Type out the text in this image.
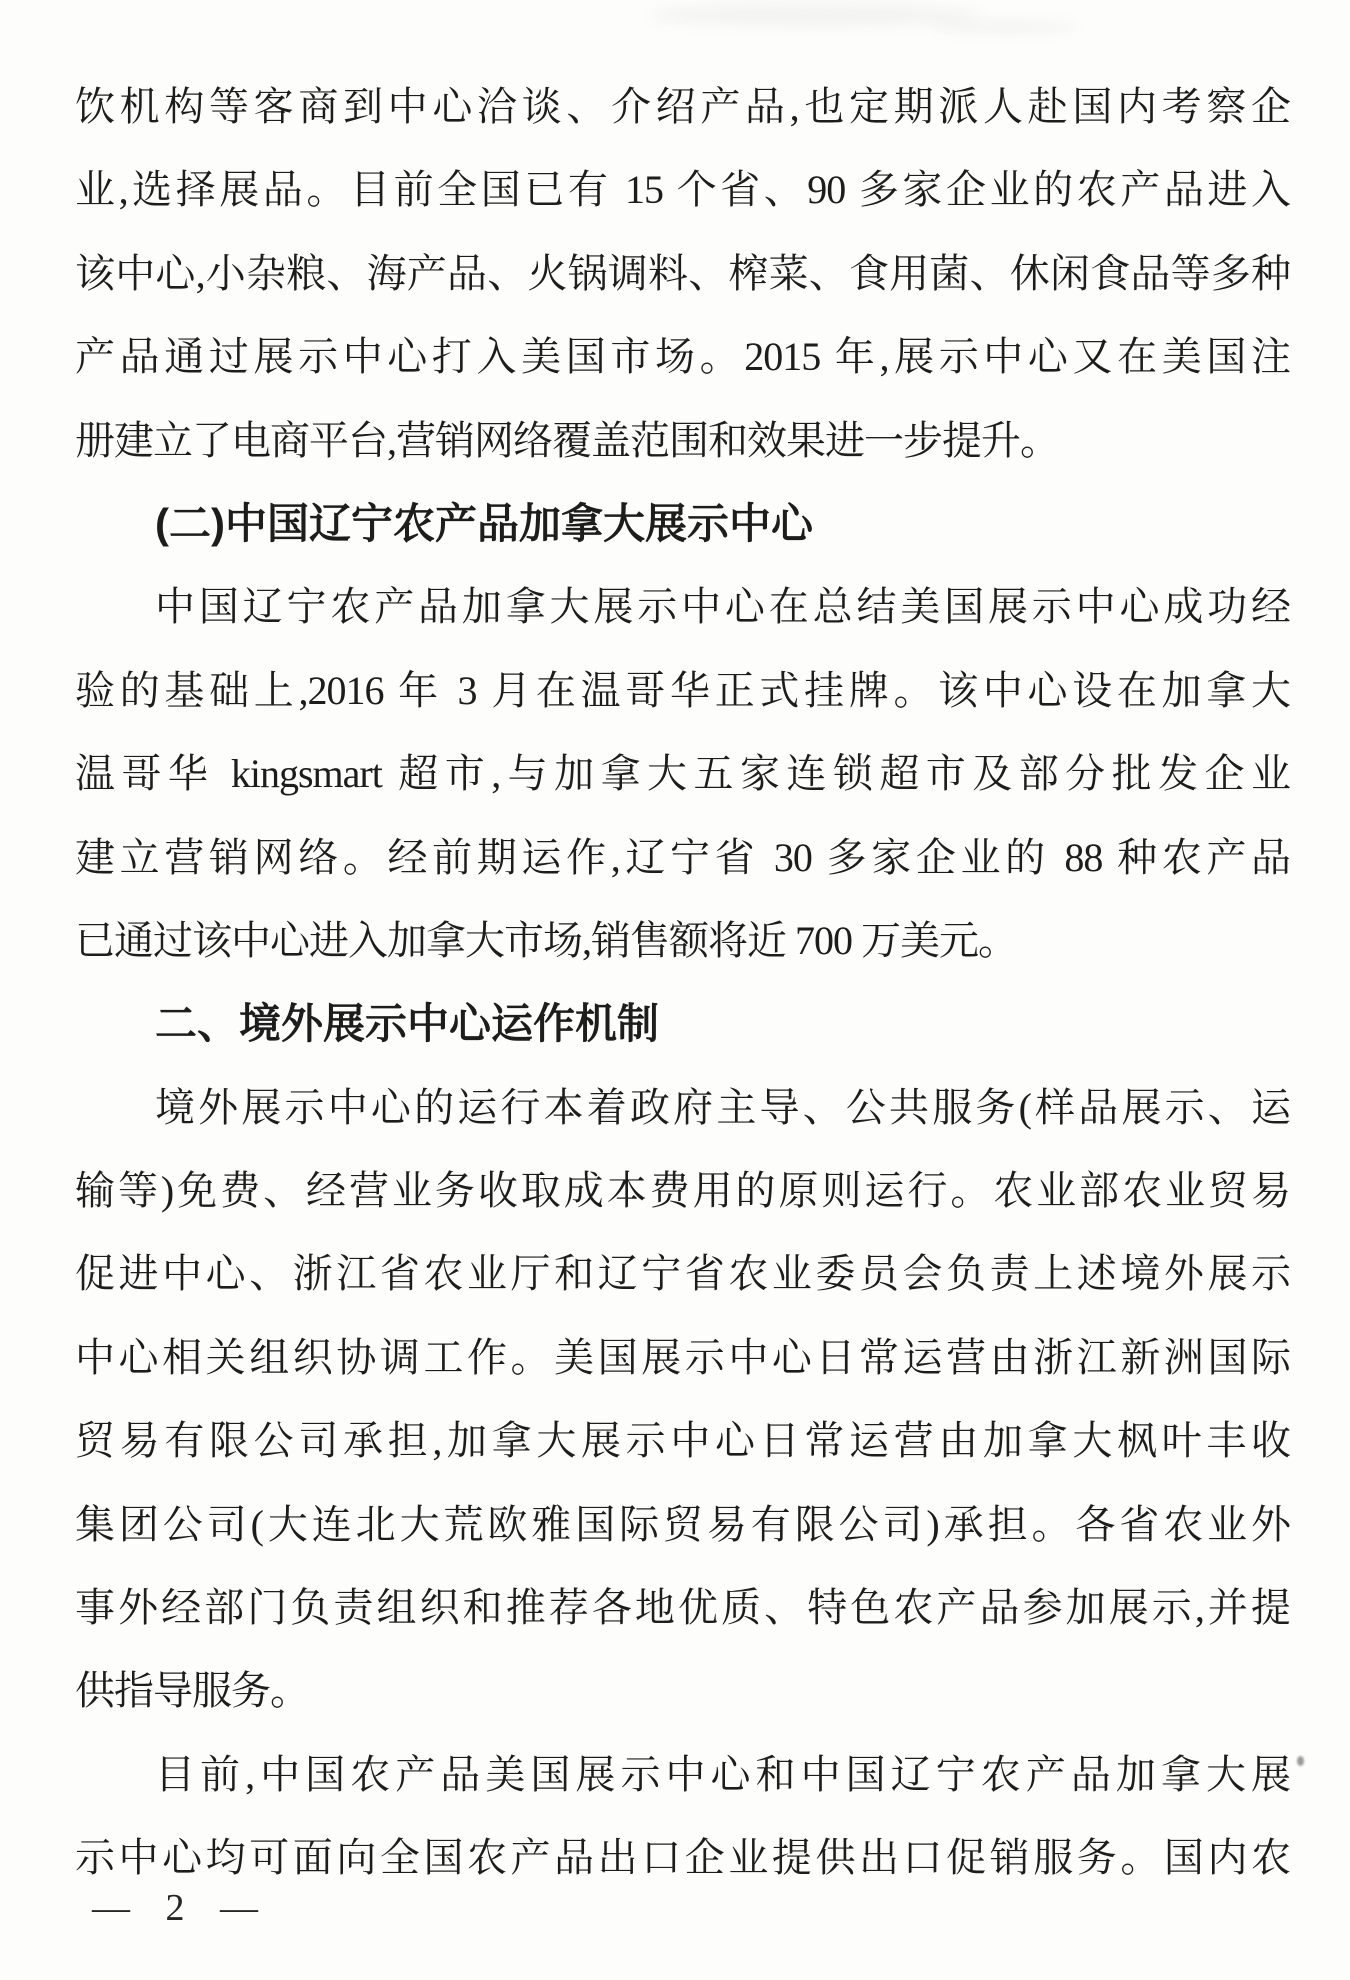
饮机构等客商到中心洽谈、介绍产品,也定期派人赴国内考察企
业,选择展品。目前全国已有 15 个省、90 多家企业的农产品进入
该中心,小杂粮、海产品、火锅调料、榨菜、食用菌、休闲食品等多种
产品通过展示中心打入美国市场。2015 年,展示中心又在美国注
册建立了电商平台,营销网络覆盖范围和效果进一步提升。
(二)中国辽宁农产品加拿大展示中心
中国辽宁农产品加拿大展示中心在总结美国展示中心成功经
验的基础上,2016 年 3 月在温哥华正式挂牌。该中心设在加拿大
温哥华 kingsmart 超市,与加拿大五家连锁超市及部分批发企业
建立营销网络。经前期运作,辽宁省 30 多家企业的 88 种农产品
已通过该中心进入加拿大市场,销售额将近 700 万美元。
二、境外展示中心运作机制
境外展示中心的运行本着政府主导、公共服务(样品展示、运
输等)免费、经营业务收取成本费用的原则运行。农业部农业贸易
促进中心、浙江省农业厅和辽宁省农业委员会负责上述境外展示
中心相关组织协调工作。美国展示中心日常运营由浙江新洲国际
贸易有限公司承担,加拿大展示中心日常运营由加拿大枫叶丰收
集团公司(大连北大荒欧雅国际贸易有限公司)承担。各省农业外
事外经部门负责组织和推荐各地优质、特色农产品参加展示,并提
供指导服务。
目前,中国农产品美国展示中心和中国辽宁农产品加拿大展
示中心均可面向全国农产品出口企业提供出口促销服务。国内农
— 2 —
